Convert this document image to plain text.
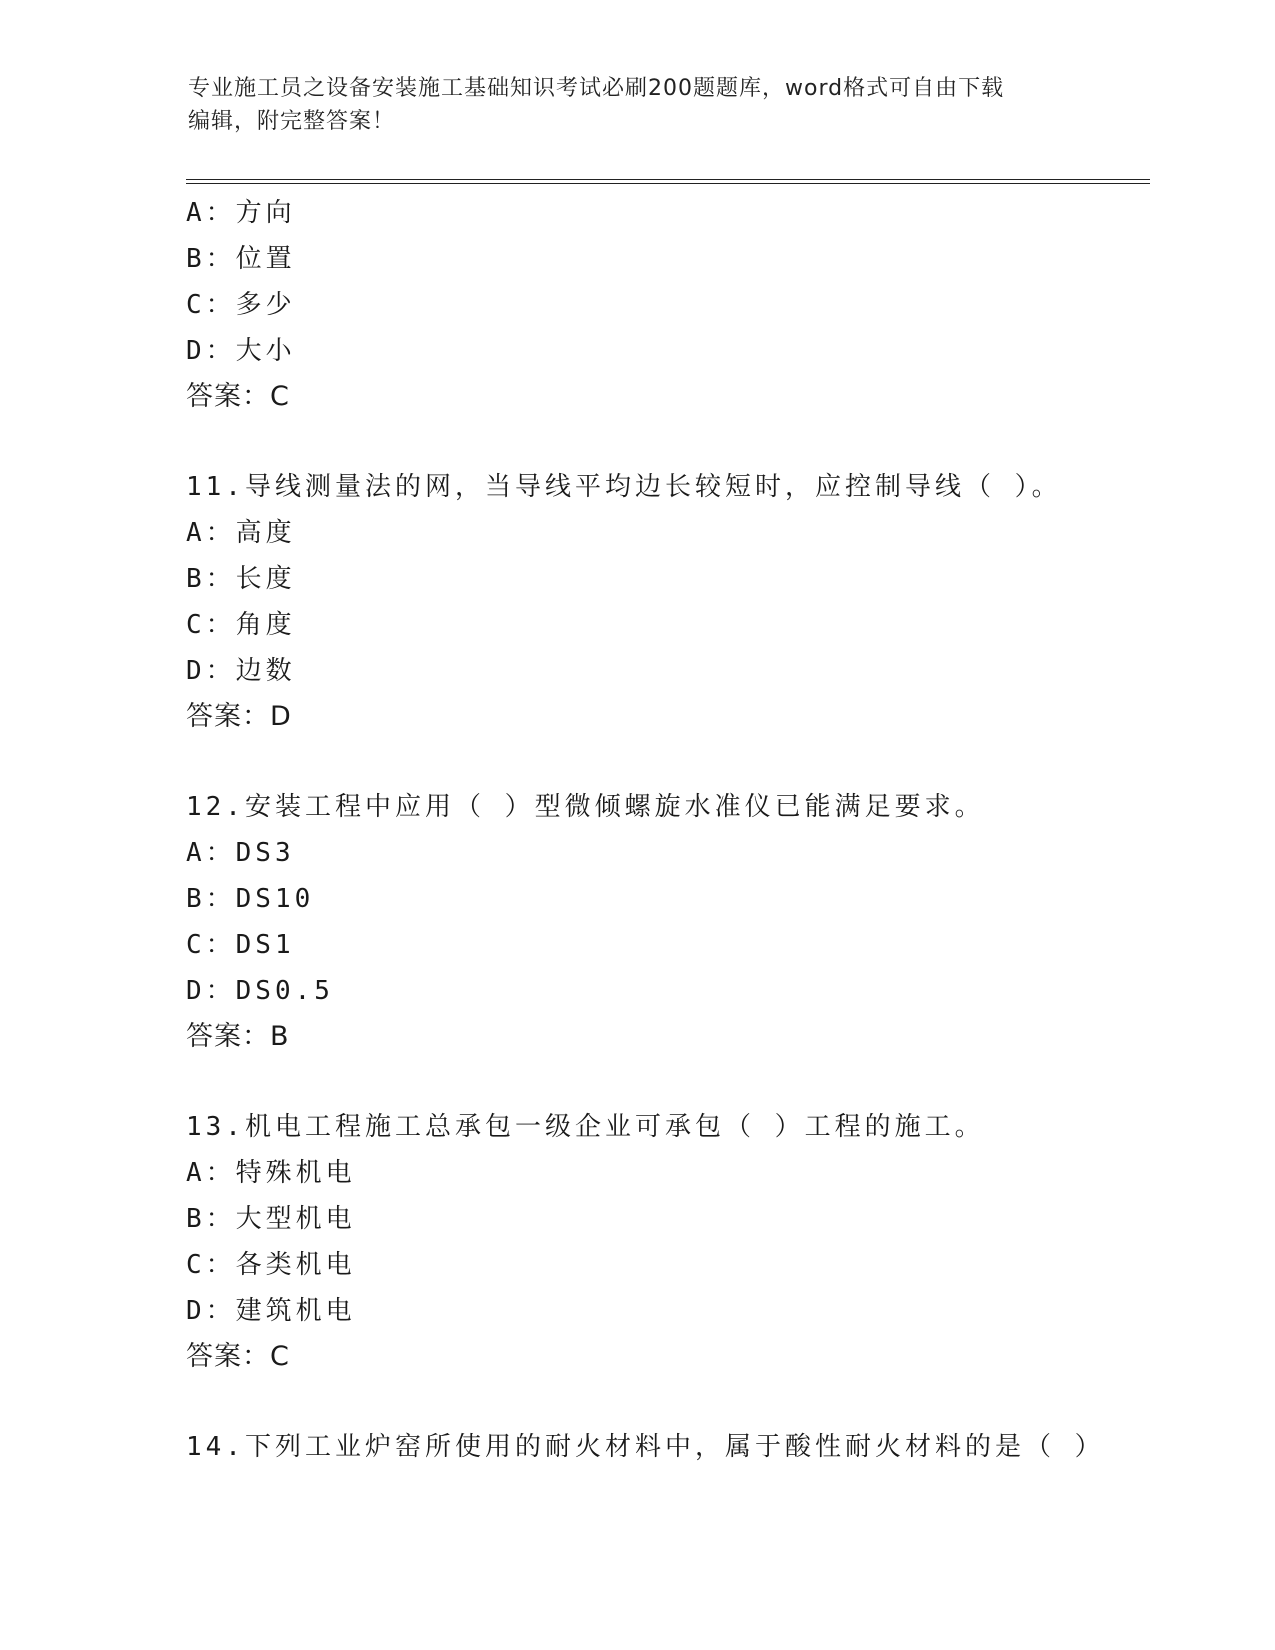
专业施工员之设备安装施工基础知识考试必刷200题题库，word格式可自由下载
编辑，附完整答案！
A：方向
B：位置
C：多少
D：大小
答案：C
11.导线测量法的网，当导线平均边长较短时，应控制导线（ ）。
A：高度
B：长度
C：角度
D：边数
答案：D
12.安装工程中应用（ ）型微倾螺旋水准仪已能满足要求。
A：DS3
B：DS10
C：DS1
D：DS0.5
答案：B
13.机电工程施工总承包一级企业可承包（ ）工程的施工。
A：特殊机电
B：大型机电
C：各类机电
D：建筑机电
答案：C
14.下列工业炉窑所使用的耐火材料中，属于酸性耐火材料的是（ ）
